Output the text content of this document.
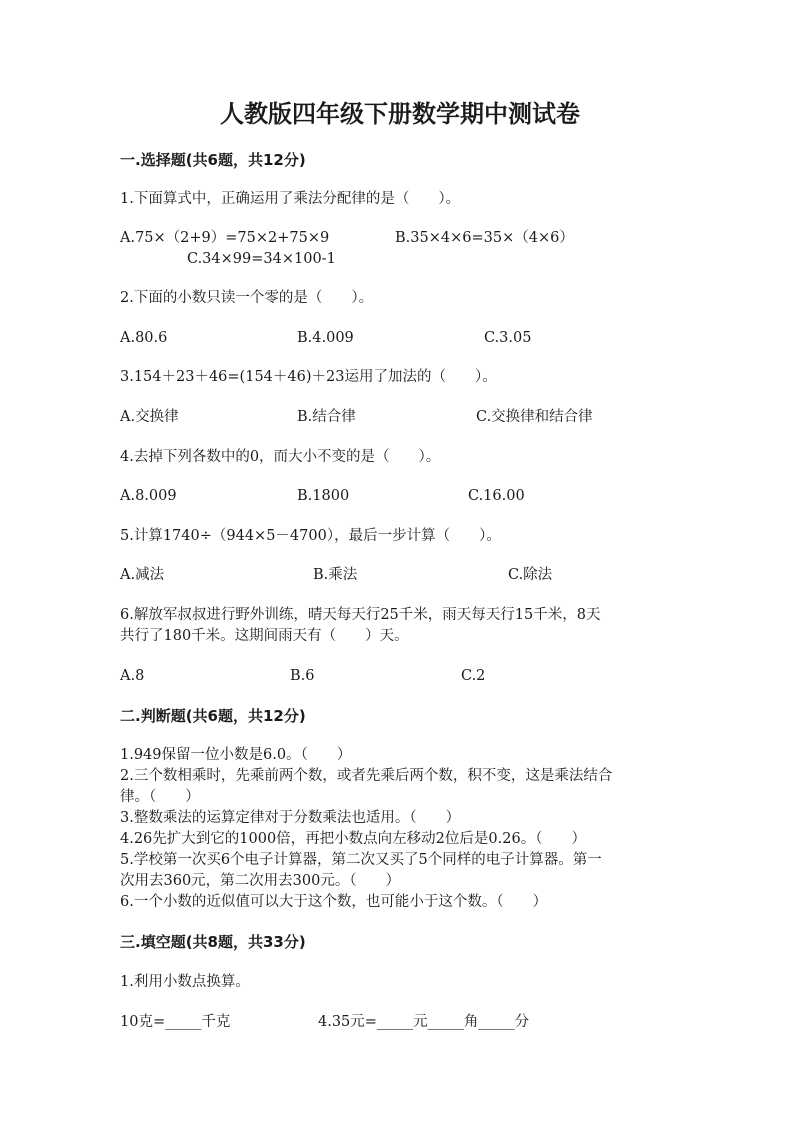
人教版四年级下册数学期中测试卷
一.选择题(共6题，共12分)
1.下面算式中，正确运用了乘法分配律的是（　　）。
A.75×（2+9）=75×2+75×9	B.35×4×6=35×（4×6）
C.34×99=34×100-1
2.下面的小数只读一个零的是（　　）。
A.80.6	B.4.009	C.3.05
3.154＋23＋46=(154＋46)＋23运用了加法的（　　）。
A.交换律	B.结合律	C.交换律和结合律
4.去掉下列各数中的0，而大小不变的是（　　）。
A.8.009	B.1800	C.16.00
5.计算1740÷（944×5－4700），最后一步计算（　　）。
A.减法	B.乘法	C.除法
6.解放军叔叔进行野外训练，晴天每天行25千米，雨天每天行15千米，8天
共行了180千米。这期间雨天有（　　）天。
A.8	B.6	C.2
二.判断题(共6题，共12分)
1.949保留一位小数是6.0。（　　）
2.三个数相乘时，先乘前两个数，或者先乘后两个数，积不变，这是乘法结合
律。（　　）
3.整数乘法的运算定律对于分数乘法也适用。（　　）
4.26先扩大到它的1000倍，再把小数点向左移动2位后是0.26。（　　）
5.学校第一次买6个电子计算器，第二次又买了5个同样的电子计算器。第一
次用去360元，第二次用去300元。（　　）
6.一个小数的近似值可以大于这个数，也可能小于这个数。（　　）
三.填空题(共8题，共33分)
1.利用小数点换算。
10克=_____千克	4.35元=_____元_____角_____分
